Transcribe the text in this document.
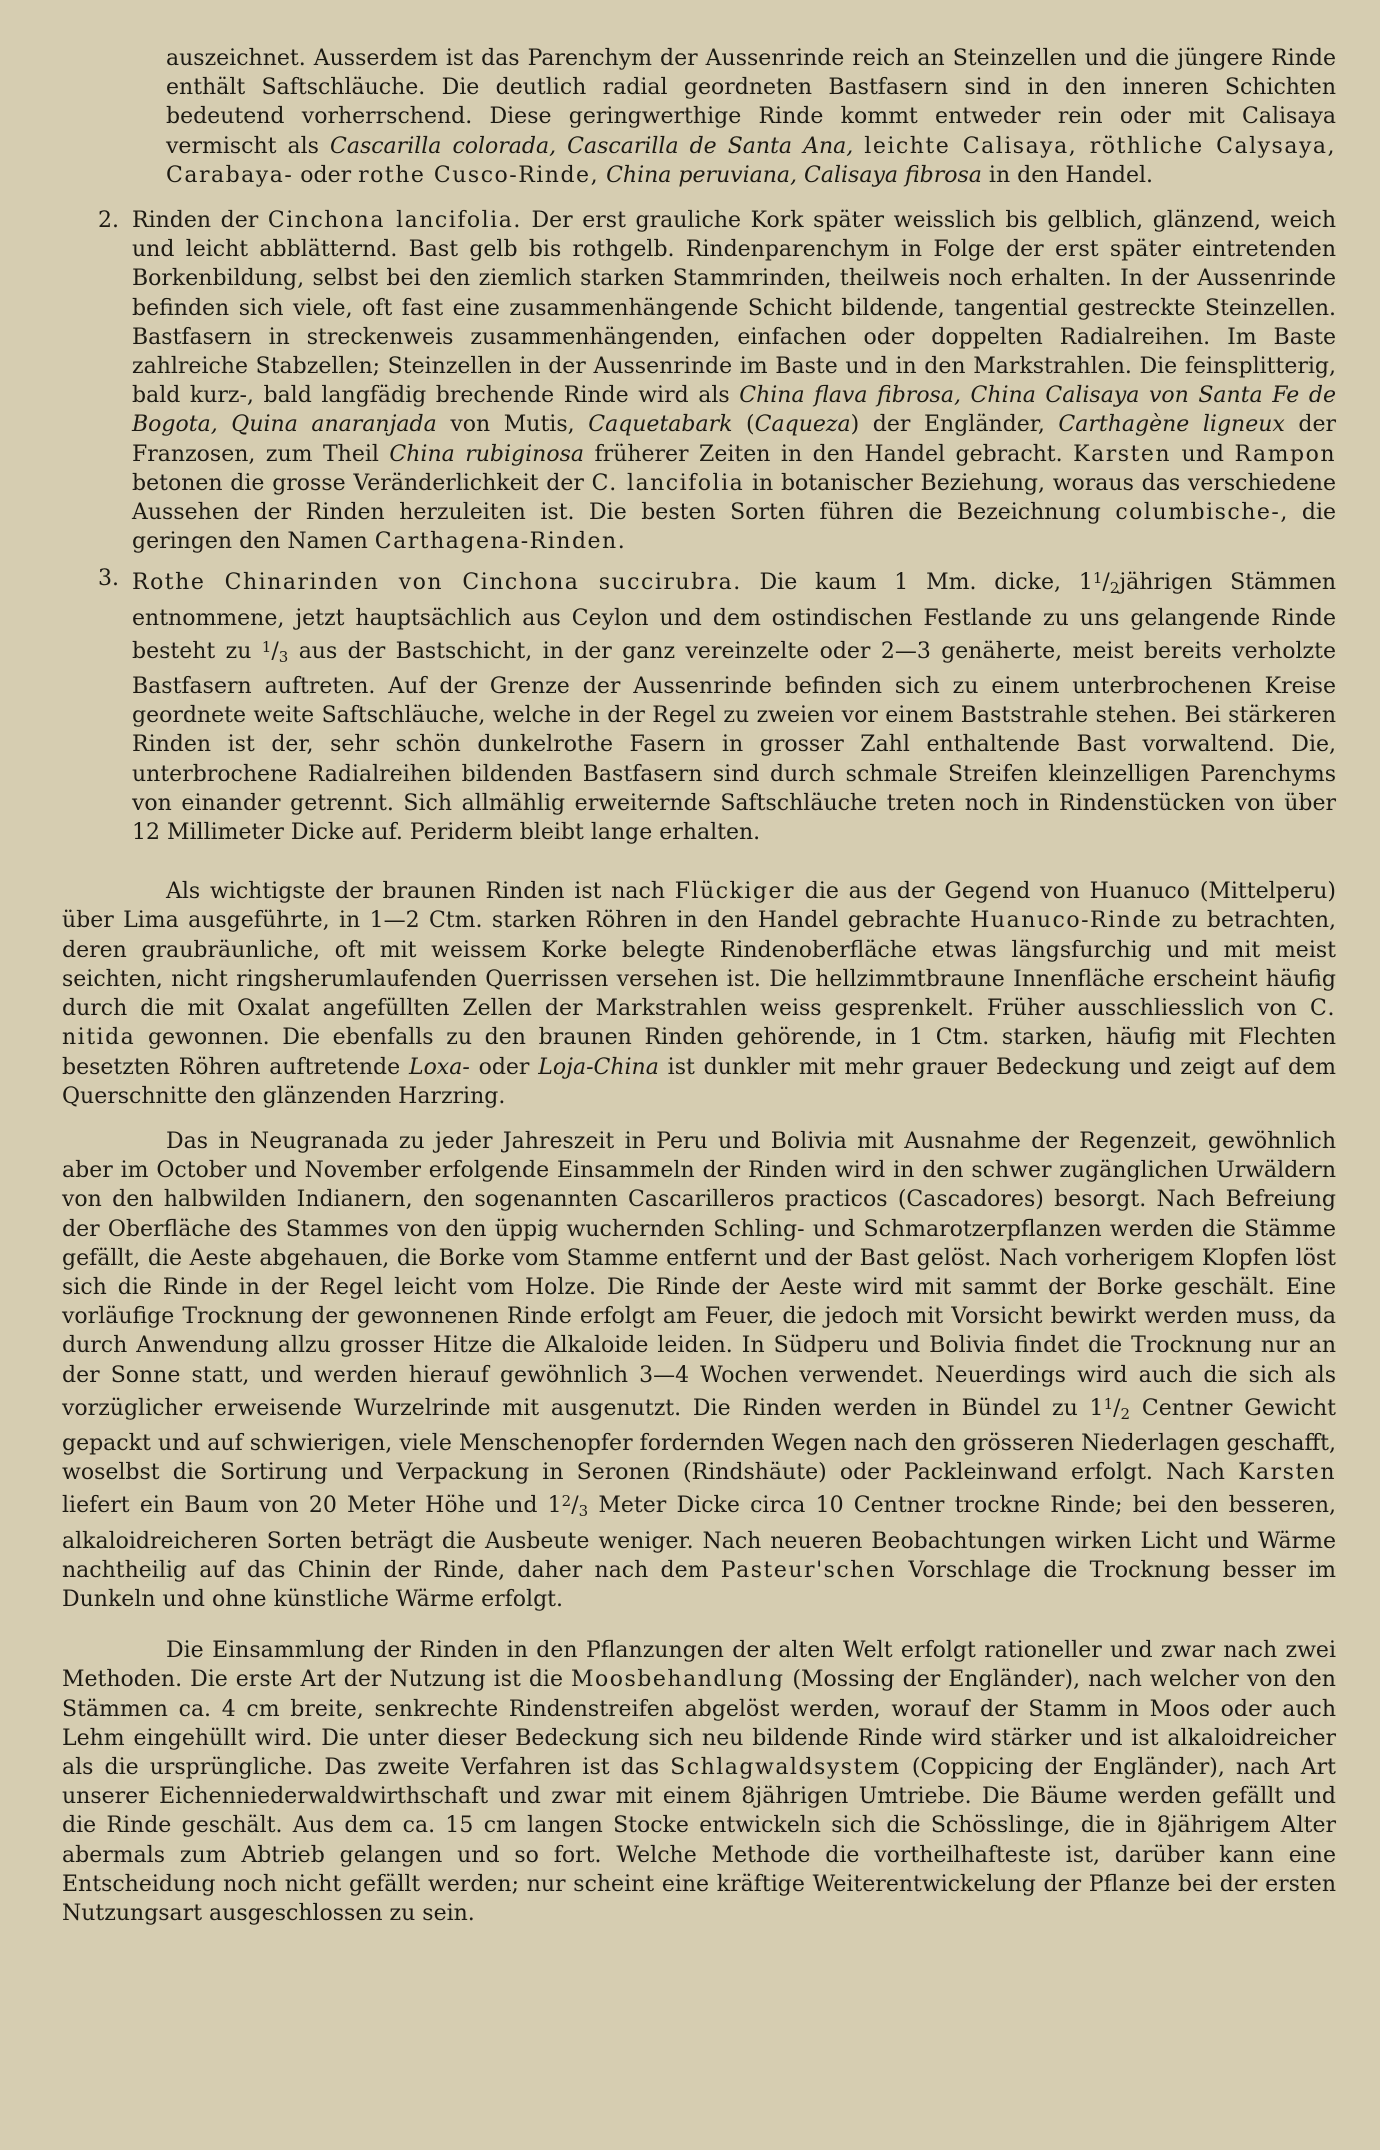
auszeichnet. Ausserdem ist das Parenchym der Aussenrinde reich an Steinzellen und die jüngere Rinde enthält Saftschläuche. Die deutlich radial geordneten Bastfasern sind in den inneren Schichten bedeutend vorherrschend. Diese geringwerthige Rinde kommt entweder rein oder mit Calisaya vermischt als Cascarilla colorada, Cascarilla de Santa Ana, leichte Calisaya, röthliche Calysaya, Carabaya- oder rothe Cusco-Rinde, China peruviana, Calisaya fibrosa in den Handel.

2. Rinden der Cinchona lancifolia. Der erst grauliche Kork später weisslich bis gelblich, glänzend, weich und leicht abblätternd. Bast gelb bis rothgelb. Rindenparenchym in Folge der erst später eintretenden Borkenbildung, selbst bei den ziemlich starken Stammrinden, theilweis noch erhalten. In der Aussenrinde befinden sich viele, oft fast eine zusammenhängende Schicht bildende, tangential gestreckte Steinzellen. Bastfasern in streckenweis zusammenhängenden, einfachen oder doppelten Radialreihen. Im Baste zahlreiche Stabzellen; Steinzellen in der Aussenrinde im Baste und in den Markstrahlen. Die feinsplitterig, bald kurz-, bald langfädig brechende Rinde wird als China flava fibrosa, China Calisaya von Santa Fe de Bogota, Quina anaranjada von Mutis, Caquetabark (Caqueza) der Engländer, Carthagène ligneux der Franzosen, zum Theil China rubiginosa früherer Zeiten in den Handel gebracht. Karsten und Rampon betonen die grosse Veränderlichkeit der C. lancifolia in botanischer Beziehung, woraus das verschiedene Aussehen der Rinden herzuleiten ist. Die besten Sorten führen die Bezeichnung columbische-, die geringen den Namen Carthagena-Rinden.

3. Rothe Chinarinden von Cinchona succirubra. Die kaum 1 Mm. dicke, $1^1/_2jährigen$ Stämmen entnommene, jetzt hauptsächlich aus Ceylon und dem ostindischen Festlande zu uns gelangende Rinde besteht zu $^1/_3$ aus der Bastschicht, in der ganz vereinzelte oder 2—3 genäherte, meist bereits verholzte Bastfasern auftreten. Auf der Grenze der Aussenrinde befinden sich zu einem unterbrochenen Kreise geordnete weite Saftschläuche, welche in der Regel zu zweien vor einem Baststrahle stehen. Bei stärkeren Rinden ist der, sehr schön dunkelrothe Fasern in grosser Zahl enthaltende Bast vorwaltend. Die, unterbrochene Radialreihen bildenden Bastfasern sind durch schmale Streifen kleinzelligen Parenchyms von einander getrennt. Sich allmählig erweiternde Saftschläuche treten noch in Rindenstücken von über 12 Millimeter Dicke auf. Periderm bleibt lange erhalten.

Als wichtigste der braunen Rinden ist nach Flückiger die aus der Gegend von Huanuco (Mittelperu) über Lima ausgeführte, in 1—2 Ctm. starken Röhren in den Handel gebrachte Huanuco-Rinde zu betrachten, deren graubräunliche, oft mit weissem Korke belegte Rindenoberfläche etwas längsfurchig und mit meist seichten, nicht ringsherumlaufenden Querrissen versehen ist. Die hellzimmtbraune Innenfläche erscheint häufig durch die mit Oxalat angefüllten Zellen der Markstrahlen weiss gesprenkelt. Früher ausschliesslich von C. nitida gewonnen. Die ebenfalls zu den braunen Rinden gehörende, in 1 Ctm. starken, häufig mit Flechten besetzten Röhren auftretende Loxa- oder Loja-China ist dunkler mit mehr grauer Bedeckung und zeigt auf dem Querschnitte den glänzenden Harzring.

Das in Neugranada zu jeder Jahreszeit in Peru und Bolivia mit Ausnahme der Regenzeit, gewöhnlich aber im October und November erfolgende Einsammeln der Rinden wird in den schwer zugänglichen Urwäldern von den halbwilden Indianern, den sogenannten Cascarilleros practicos (Cascadores) besorgt. Nach Befreiung der Oberfläche des Stammes von den üppig wuchernden Schling- und Schmarotzerpflanzen werden die Stämme gefällt, die Aeste abgehauen, die Borke vom Stamme entfernt und der Bast gelöst. Nach vorherigem Klopfen löst sich die Rinde in der Regel leicht vom Holze. Die Rinde der Aeste wird mit sammt der Borke geschält. Eine vorläufige Trocknung der gewonnenen Rinde erfolgt am Feuer, die jedoch mit Vorsicht bewirkt werden muss, da durch Anwendung allzu grosser Hitze die Alkaloide leiden. In Südperu und Bolivia findet die Trocknung nur an der Sonne statt, und werden hierauf gewöhnlich 3—4 Wochen verwendet. Neuerdings wird auch die sich als vorzüglicher erweisende Wurzelrinde mit ausgenutzt. Die Rinden werden in Bündel zu $1^1/_2$ Centner Gewicht gepackt und auf schwierigen, viele Menschenopfer fordernden Wegen nach den grösseren Niederlagen geschafft, woselbst die Sortirung und Verpackung in Seronen (Rindshäute) oder Packleinwand erfolgt. Nach Karsten liefert ein Baum von 20 Meter Höhe und $1^2/_3$ Meter Dicke circa 10 Centner trockne Rinde; bei den besseren, alkaloidreicheren Sorten beträgt die Ausbeute weniger. Nach neueren Beobachtungen wirken Licht und Wärme nachtheilig auf das Chinin der Rinde, daher nach dem Pasteur'schen Vorschlage die Trocknung besser im Dunkeln und ohne künstliche Wärme erfolgt.

Die Einsammlung der Rinden in den Pflanzungen der alten Welt erfolgt rationeller und zwar nach zwei Methoden. Die erste Art der Nutzung ist die Moosbehandlung (Mossing der Engländer), nach welcher von den Stämmen ca. 4 cm breite, senkrechte Rindenstreifen abgelöst werden, worauf der Stamm in Moos oder auch Lehm eingehüllt wird. Die unter dieser Bedeckung sich neu bildende Rinde wird stärker und ist alkaloidreicher als die ursprüngliche. Das zweite Verfahren ist das Schlagwaldsystem (Coppicing der Engländer), nach Art unserer Eichenniederwaldwirthschaft und zwar mit einem 8jährigen Umtriebe. Die Bäume werden gefällt und die Rinde geschält. Aus dem ca. 15 cm langen Stocke entwickeln sich die Schösslinge, die in 8jährigem Alter abermals zum Abtrieb gelangen und so fort. Welche Methode die vortheilhafteste ist, darüber kann eine Entscheidung noch nicht gefällt werden; nur scheint eine kräftige Weiterentwickelung der Pflanze bei der ersten Nutzungsart ausgeschlossen zu sein.
